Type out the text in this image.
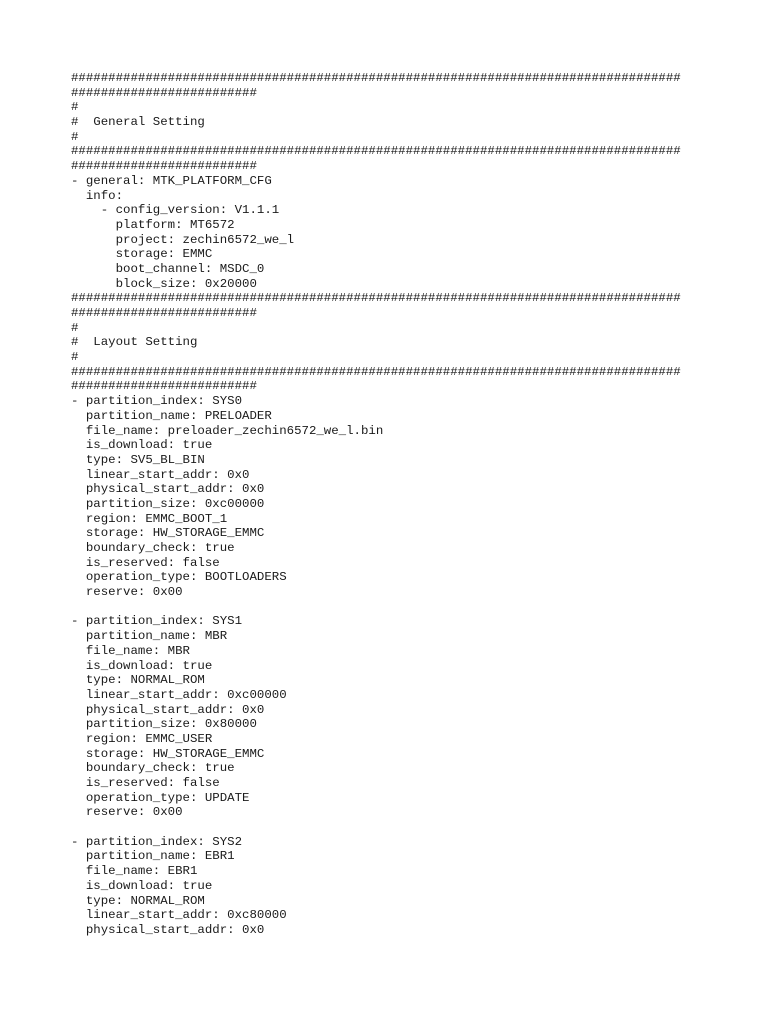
##################################################################################
#########################
#
#  General Setting
#
##################################################################################
#########################
- general: MTK_PLATFORM_CFG
info:
- config_version: V1.1.1
platform: MT6572
project: zechin6572_we_l
storage: EMMC
boot_channel: MSDC_0
block_size: 0x20000
##################################################################################
#########################
#
#  Layout Setting
#
##################################################################################
#########################
- partition_index: SYS0
partition_name: PRELOADER
file_name: preloader_zechin6572_we_l.bin
is_download: true
type: SV5_BL_BIN
linear_start_addr: 0x0
physical_start_addr: 0x0
partition_size: 0xc00000
region: EMMC_BOOT_1
storage: HW_STORAGE_EMMC
boundary_check: true
is_reserved: false
operation_type: BOOTLOADERS
reserve: 0x00
- partition_index: SYS1
partition_name: MBR
file_name: MBR
is_download: true
type: NORMAL_ROM
linear_start_addr: 0xc00000
physical_start_addr: 0x0
partition_size: 0x80000
region: EMMC_USER
storage: HW_STORAGE_EMMC
boundary_check: true
is_reserved: false
operation_type: UPDATE
reserve: 0x00
- partition_index: SYS2
partition_name: EBR1
file_name: EBR1
is_download: true
type: NORMAL_ROM
linear_start_addr: 0xc80000
physical_start_addr: 0x0
